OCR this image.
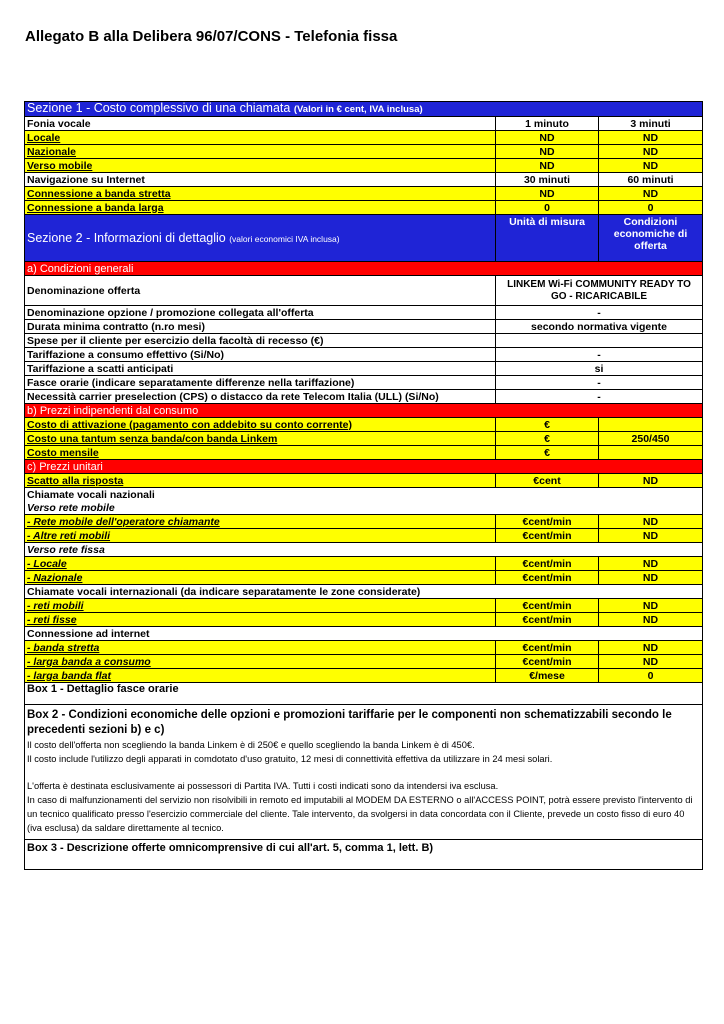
Allegato B alla Delibera 96/07/CONS - Telefonia fissa
Sezione 1 - Costo complessivo di una chiamata (Valori in € cent, IVA inclusa)		
Fonia vocale	1 minuto	3 minuti
Locale	ND	ND
Nazionale	ND	ND
Verso mobile	ND	ND
Navigazione su Internet	30 minuti	60 minuti
Connessione a banda stretta	ND	ND
Connessione a banda larga	0	0
Sezione 2 - Informazioni di dettaglio (valori economici IVA inclusa)	Unità di misura	Condizioni economiche di offerta
a) Condizioni generali		
Denominazione offerta	LINKEM Wi-Fi COMMUNITY READY TO GO - RICARICABILE	
Denominazione opzione / promozione collegata all'offerta	-	
Durata minima contratto (n.ro mesi)	secondo normativa vigente	
Spese per il cliente per esercizio della facoltà di recesso (€)		
Tariffazione a consumo effettivo (Si/No)	-	
Tariffazione a scatti anticipati	si	
Fasce orarie (indicare separatamente differenze nella tariffazione)	-	
Necessità carrier preselection (CPS) o distacco da rete Telecom Italia (ULL) (Si/No)	-	
b) Prezzi indipendenti dal consumo		
Costo di attivazione (pagamento con addebito su conto corrente)	€	
Costo una tantum senza banda/con banda Linkem	€	250/450
Costo mensile	€	
c) Prezzi unitari		
Scatto alla risposta	€cent	ND
Chiamate vocali nazionali		
Verso rete mobile		
- Rete mobile dell'operatore chiamante	€cent/min	ND
- Altre reti mobili	€cent/min	ND
Verso rete fissa		
- Locale	€cent/min	ND
- Nazionale	€cent/min	ND
Chiamate vocali internazionali (da indicare separatamente le zone considerate)		
- reti mobili	€cent/min	ND
- reti fisse	€cent/min	ND
Connessione ad internet		
- banda stretta	€cent/min	ND
- larga banda a consumo	€cent/min	ND
- larga banda flat	€/mese	0
Box 1 - Dettaglio fasce orarie		

Box 2 - Condizioni economiche delle opzioni e promozioni tariffarie per le componenti non schematizzabili secondo le precedenti sezioni b) e c)
Il costo dell'offerta non scegliendo la banda Linkem è di 250€ e quello scegliendo la banda Linkem è di 450€.
Il costo include l'utilizzo degli apparati in comdotato d'uso gratuito, 12 mesi di connettività effettiva da utilizzare in 24 mesi solari.
L'offerta è destinata esclusivamente ai possessori di Partita IVA. Tutti i costi indicati sono da intendersi iva esclusa.
In caso di malfunzionamenti del servizio non risolvibili in remoto ed imputabili al MODEM DA ESTERNO o all'ACCESS POINT, potrà essere previsto l'intervento di un tecnico qualificato presso l'esercizio commerciale del cliente. Tale intervento, da svolgersi in data concordata con il Cliente, prevede un costo fisso di euro 40 (iva esclusa) da saldare direttamente al tecnico.		

Box 3 - Descrizione offerte omnicomprensive di cui all'art. 5, comma 1, lett. B)		
